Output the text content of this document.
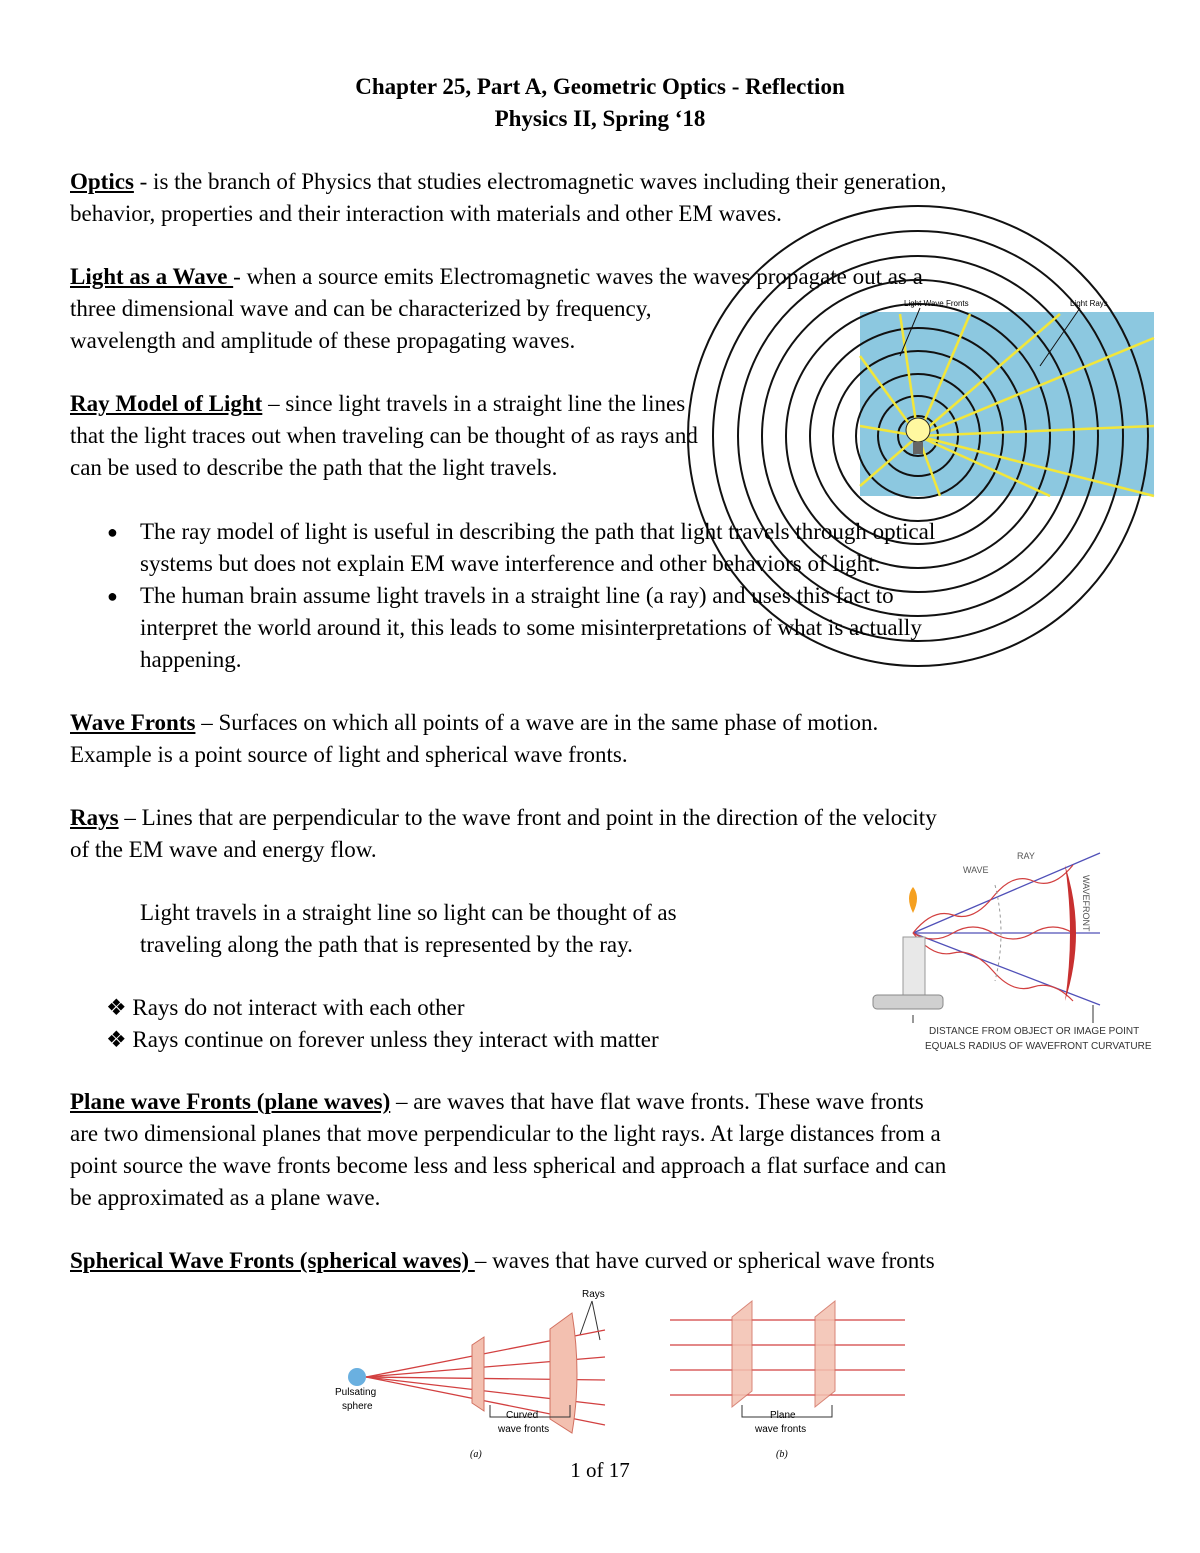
Chapter 25, Part A, Geometric Optics - Reflection
Physics II, Spring ‘18
Optics - is the branch of Physics that studies electromagnetic waves including their generation,
behavior, properties and their interaction with materials and other EM waves.
Light as a Wave - when a source emits Electromagnetic waves the waves propagate out as a
three dimensional wave and can be characterized by frequency,
wavelength and amplitude of these propagating waves.
Ray Model of Light – since light travels in a straight line the lines
that the light traces out when traveling can be thought of as rays and
can be used to describe the path that the light travels.
Light Wave Fronts	Light Rays
● The ray model of light is useful in describing the path that light travels through optical
systems but does not explain EM wave interference and other behaviors of light.
● The human brain assume light travels in a straight line (a ray) and uses this fact to
interpret the world around it, this leads to some misinterpretations of what is actually
happening.
Wave Fronts – Surfaces on which all points of a wave are in the same phase of motion.
Example is a point source of light and spherical wave fronts.
Rays – Lines that are perpendicular to the wave front and point in the direction of the velocity
of the EM wave and energy flow.
Light travels in a straight line so light can be thought of as
traveling along the path that is represented by the ray.
❖ Rays do not interact with each other
❖ Rays continue on forever unless they interact with matter
WAVE
RAY
WAVEFRONT
DISTANCE FROM OBJECT OR IMAGE POINT
EQUALS RADIUS OF WAVEFRONT CURVATURE
Plane wave Fronts (plane waves) – are waves that have flat wave fronts. These wave fronts
are two dimensional planes that move perpendicular to the light rays. At large distances from a
point source the wave fronts become less and less spherical and approach a flat surface and can
be approximated as a plane wave.
Spherical Wave Fronts (spherical waves) – waves that have curved or spherical wave fronts
Rays
Pulsating
sphere
Curved
wave fronts
(a)
Plane
wave fronts
(b)
1 of 17
